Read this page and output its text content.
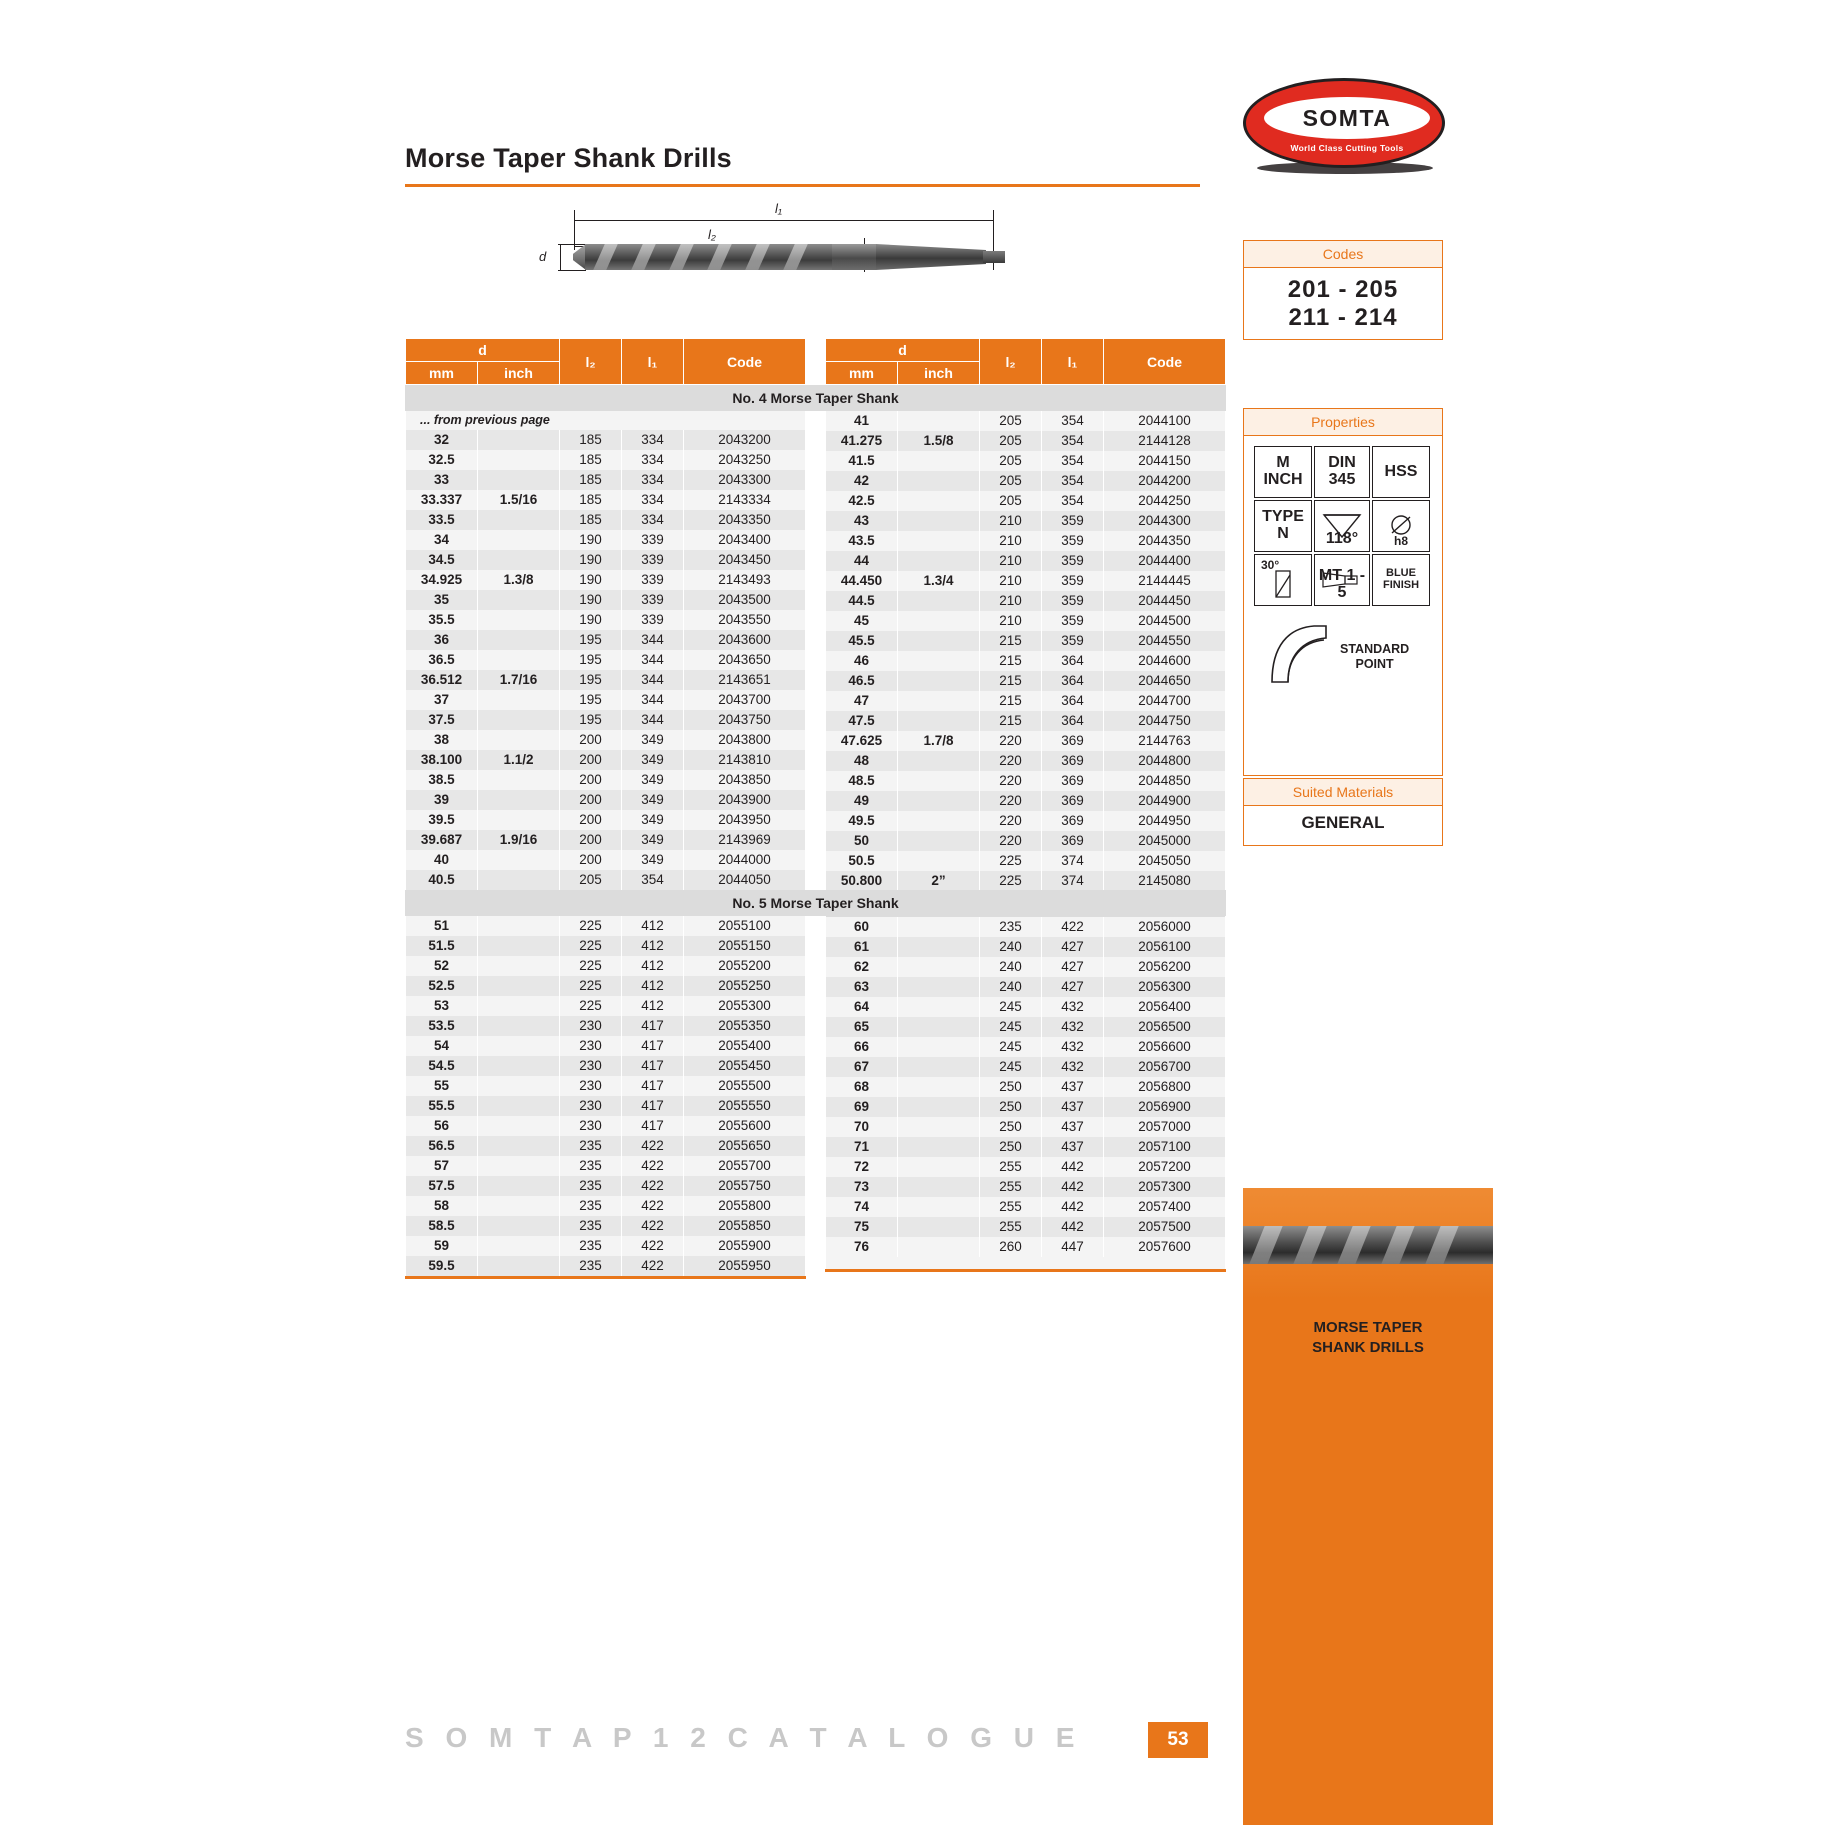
Morse Taper Shank Drills
SOMTA
World Class Cutting Tools
l₁
l₂
d
d		l₂	l₁	Code
mm	inch			

... from previous page				
32		185	334	2043200
32.5		185	334	2043250
33		185	334	2043300
33.337	1.5/16	185	334	2143334
33.5		185	334	2043350
34		190	339	2043400
34.5		190	339	2043450
34.925	1.3/8	190	339	2143493
35		190	339	2043500
35.5		190	339	2043550
36		195	344	2043600
36.5		195	344	2043650
36.512	1.7/16	195	344	2143651
37		195	344	2043700
37.5		195	344	2043750
38		200	349	2043800
38.100	1.1/2	200	349	2143810
38.5		200	349	2043850
39		200	349	2043900
39.5		200	349	2043950
39.687	1.9/16	200	349	2143969
40		200	349	2044000
40.5		205	354	2044050

51		225	412	2055100
51.5		225	412	2055150
52		225	412	2055200
52.5		225	412	2055250
53		225	412	2055300
53.5		230	417	2055350
54		230	417	2055400
54.5		230	417	2055450
55		230	417	2055500
55.5		230	417	2055550
56		230	417	2055600
56.5		235	422	2055650
57		235	422	2055700
57.5		235	422	2055750
58		235	422	2055800
58.5		235	422	2055850
59		235	422	2055900
59.5		235	422	2055950
d		l₂	l₁	Code
mm	inch			

41		205	354	2044100
41.275	1.5/8	205	354	2144128
41.5		205	354	2044150
42		205	354	2044200
42.5		205	354	2044250
43		210	359	2044300
43.5		210	359	2044350
44		210	359	2044400
44.450	1.3/4	210	359	2144445
44.5		210	359	2044450
45		210	359	2044500
45.5		215	359	2044550
46		215	364	2044600
46.5		215	364	2044650
47		215	364	2044700
47.5		215	364	2044750
47.625	1.7/8	220	369	2144763
48		220	369	2044800
48.5		220	369	2044850
49		220	369	2044900
49.5		220	369	2044950
50		220	369	2045000
50.5		225	374	2045050
50.800	2”	225	374	2145080

60		235	422	2056000
61		240	427	2056100
62		240	427	2056200
63		240	427	2056300
64		245	432	2056400
65		245	432	2056500
66		245	432	2056600
67		245	432	2056700
68		250	437	2056800
69		250	437	2056900
70		250	437	2057000
71		250	437	2057100
72		255	442	2057200
73		255	442	2057300
74		255	442	2057400
75		255	442	2057500
76		260	447	2057600

No. 4 Morse Taper Shank
No. 5 Morse Taper Shank
Codes
201 - 205
211 - 214
Properties
M
INCH
DIN
345 HSS
TYPE
N 118°	h8
30°
MT 1 - 5
BLUE
FINISH
STANDARD
POINT
Suited Materials
GENERAL
MORSE TAPER
SHANK DRILLS
S O M T A P 1 2 C A T A L O G U E	53
